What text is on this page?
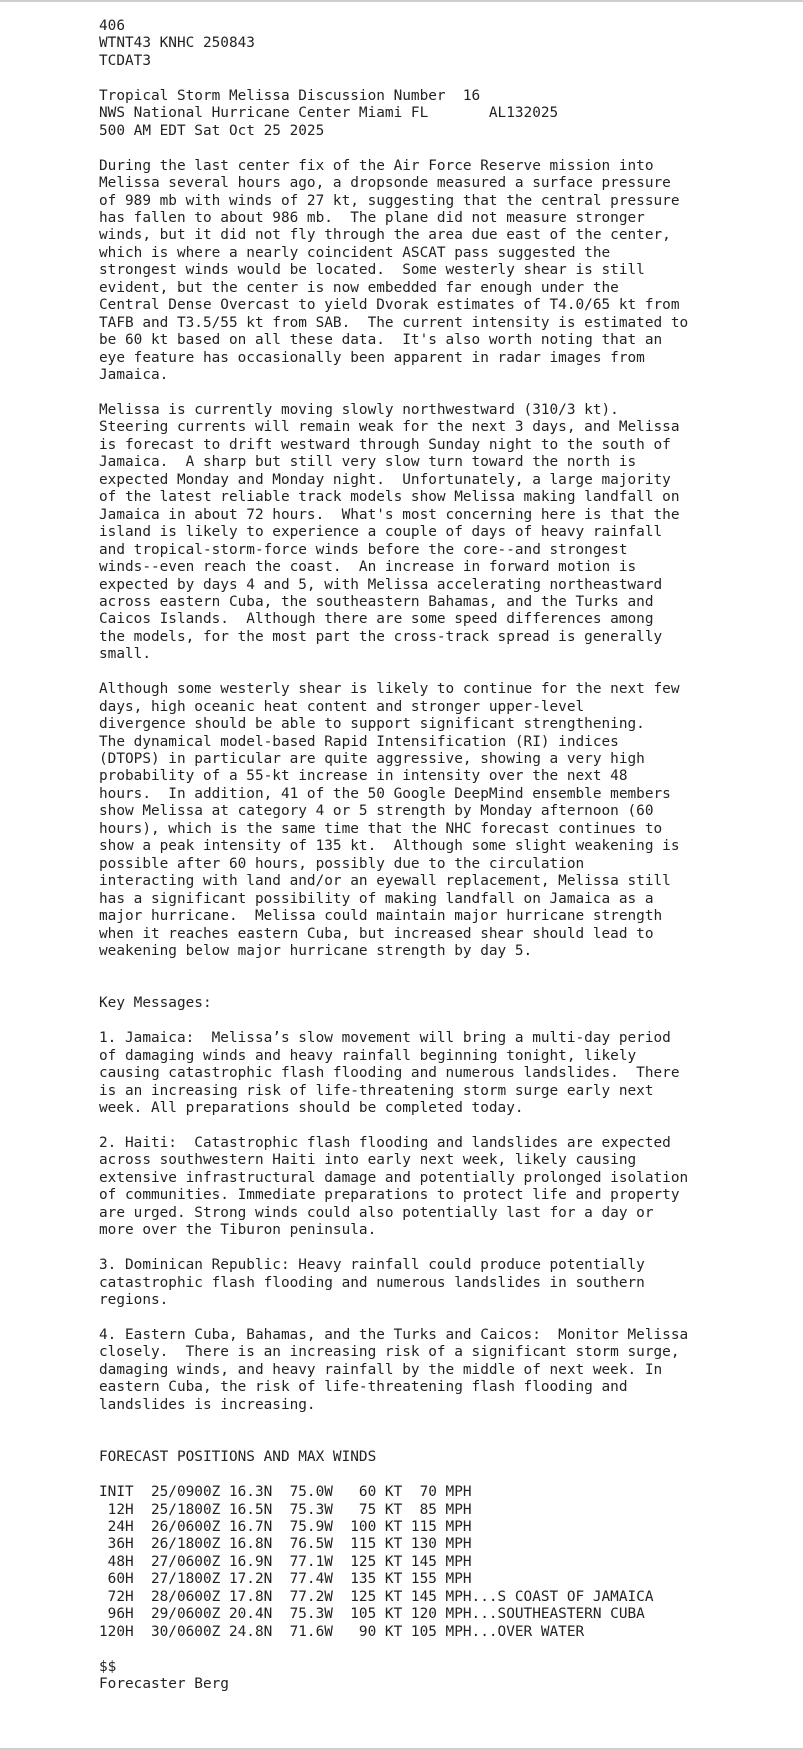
406
WTNT43 KNHC 250843
TCDAT3

Tropical Storm Melissa Discussion Number  16
NWS National Hurricane Center Miami FL       AL132025
500 AM EDT Sat Oct 25 2025

During the last center fix of the Air Force Reserve mission into
Melissa several hours ago, a dropsonde measured a surface pressure
of 989 mb with winds of 27 kt, suggesting that the central pressure
has fallen to about 986 mb.  The plane did not measure stronger
winds, but it did not fly through the area due east of the center,
which is where a nearly coincident ASCAT pass suggested the
strongest winds would be located.  Some westerly shear is still
evident, but the center is now embedded far enough under the
Central Dense Overcast to yield Dvorak estimates of T4.0/65 kt from
TAFB and T3.5/55 kt from SAB.  The current intensity is estimated to
be 60 kt based on all these data.  It's also worth noting that an
eye feature has occasionally been apparent in radar images from
Jamaica.

Melissa is currently moving slowly northwestward (310/3 kt).
Steering currents will remain weak for the next 3 days, and Melissa
is forecast to drift westward through Sunday night to the south of
Jamaica.  A sharp but still very slow turn toward the north is
expected Monday and Monday night.  Unfortunately, a large majority
of the latest reliable track models show Melissa making landfall on
Jamaica in about 72 hours.  What's most concerning here is that the
island is likely to experience a couple of days of heavy rainfall
and tropical-storm-force winds before the core--and strongest
winds--even reach the coast.  An increase in forward motion is
expected by days 4 and 5, with Melissa accelerating northeastward
across eastern Cuba, the southeastern Bahamas, and the Turks and
Caicos Islands.  Although there are some speed differences among
the models, for the most part the cross-track spread is generally
small.

Although some westerly shear is likely to continue for the next few
days, high oceanic heat content and stronger upper-level
divergence should be able to support significant strengthening.
The dynamical model-based Rapid Intensification (RI) indices
(DTOPS) in particular are quite aggressive, showing a very high
probability of a 55-kt increase in intensity over the next 48
hours.  In addition, 41 of the 50 Google DeepMind ensemble members
show Melissa at category 4 or 5 strength by Monday afternoon (60
hours), which is the same time that the NHC forecast continues to
show a peak intensity of 135 kt.  Although some slight weakening is
possible after 60 hours, possibly due to the circulation
interacting with land and/or an eyewall replacement, Melissa still
has a significant possibility of making landfall on Jamaica as a
major hurricane.  Melissa could maintain major hurricane strength
when it reaches eastern Cuba, but increased shear should lead to
weakening below major hurricane strength by day 5.

Key Messages:

1. Jamaica:  Melissa’s slow movement will bring a multi-day period
of damaging winds and heavy rainfall beginning tonight, likely
causing catastrophic flash flooding and numerous landslides.  There
is an increasing risk of life-threatening storm surge early next
week. All preparations should be completed today.

2. Haiti:  Catastrophic flash flooding and landslides are expected
across southwestern Haiti into early next week, likely causing
extensive infrastructural damage and potentially prolonged isolation
of communities. Immediate preparations to protect life and property
are urged. Strong winds could also potentially last for a day or
more over the Tiburon peninsula.

3. Dominican Republic: Heavy rainfall could produce potentially
catastrophic flash flooding and numerous landslides in southern
regions.

4. Eastern Cuba, Bahamas, and the Turks and Caicos:  Monitor Melissa
closely.  There is an increasing risk of a significant storm surge,
damaging winds, and heavy rainfall by the middle of next week. In
eastern Cuba, the risk of life-threatening flash flooding and
landslides is increasing.

FORECAST POSITIONS AND MAX WINDS

INIT  25/0900Z 16.3N  75.0W   60 KT  70 MPH
12H  25/1800Z 16.5N  75.3W   75 KT  85 MPH
24H  26/0600Z 16.7N  75.9W  100 KT 115 MPH
36H  26/1800Z 16.8N  76.5W  115 KT 130 MPH
48H  27/0600Z 16.9N  77.1W  125 KT 145 MPH
60H  27/1800Z 17.2N  77.4W  135 KT 155 MPH
72H  28/0600Z 17.8N  77.2W  125 KT 145 MPH...S COAST OF JAMAICA
96H  29/0600Z 20.4N  75.3W  105 KT 120 MPH...SOUTHEASTERN CUBA
120H  30/0600Z 24.8N  71.6W   90 KT 105 MPH...OVER WATER

$$
Forecaster Berg
